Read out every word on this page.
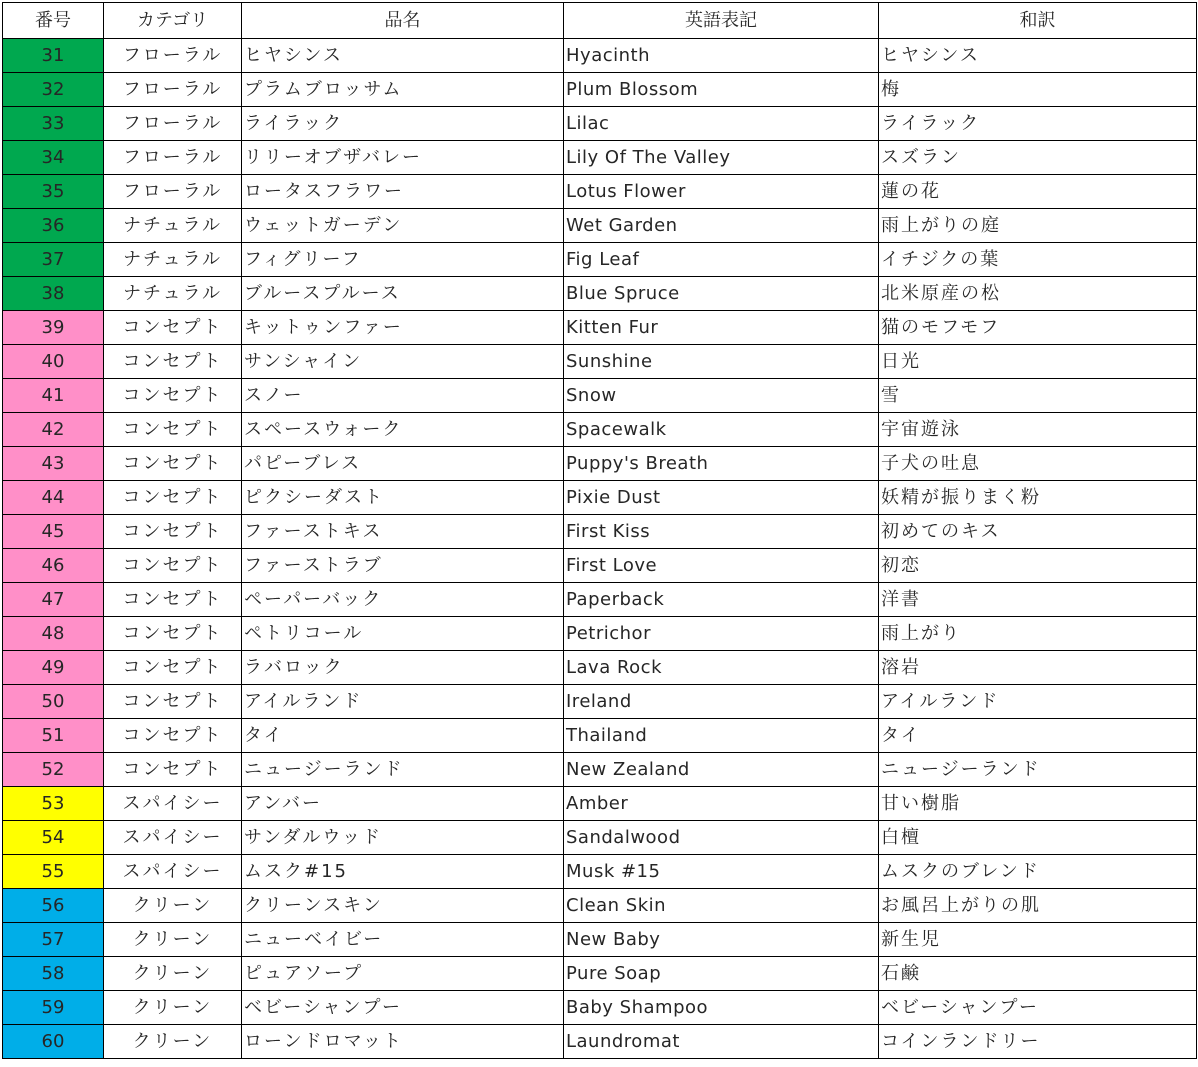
番号	カテゴリ	品名	英語表記	和訳
31	フローラル	ヒヤシンス	Hyacinth	ヒヤシンス
32	フローラル	プラムブロッサム	Plum Blossom	梅
33	フローラル	ライラック	Lilac	ライラック
34	フローラル	リリーオブザバレー	Lily Of The Valley	スズラン
35	フローラル	ロータスフラワー	Lotus Flower	蓮の花
36	ナチュラル	ウェットガーデン	Wet Garden	雨上がりの庭
37	ナチュラル	フィグリーフ	Fig Leaf	イチジクの葉
38	ナチュラル	ブルースプルース	Blue Spruce	北米原産の松
39	コンセプト	キットゥンファー	Kitten Fur	猫のモフモフ
40	コンセプト	サンシャイン	Sunshine	日光
41	コンセプト	スノー	Snow	雪
42	コンセプト	スペースウォーク	Spacewalk	宇宙遊泳
43	コンセプト	パピーブレス	Puppy's Breath	子犬の吐息
44	コンセプト	ピクシーダスト	Pixie Dust	妖精が振りまく粉
45	コンセプト	ファーストキス	First Kiss	初めてのキス
46	コンセプト	ファーストラブ	First Love	初恋
47	コンセプト	ペーパーバック	Paperback	洋書
48	コンセプト	ペトリコール	Petrichor	雨上がり
49	コンセプト	ラバロック	Lava Rock	溶岩
50	コンセプト	アイルランド	Ireland	アイルランド
51	コンセプト	タイ	Thailand	タイ
52	コンセプト	ニュージーランド	New Zealand	ニュージーランド
53	スパイシー	アンバー	Amber	甘い樹脂
54	スパイシー	サンダルウッド	Sandalwood	白檀
55	スパイシー	ムスク#15	Musk #15	ムスクのブレンド
56	クリーン	クリーンスキン	Clean Skin	お風呂上がりの肌
57	クリーン	ニューベイビー	New Baby	新生児
58	クリーン	ピュアソープ	Pure Soap	石鹸
59	クリーン	ベビーシャンプー	Baby Shampoo	ベビーシャンプー
60	クリーン	ローンドロマット	Laundromat	コインランドリー
